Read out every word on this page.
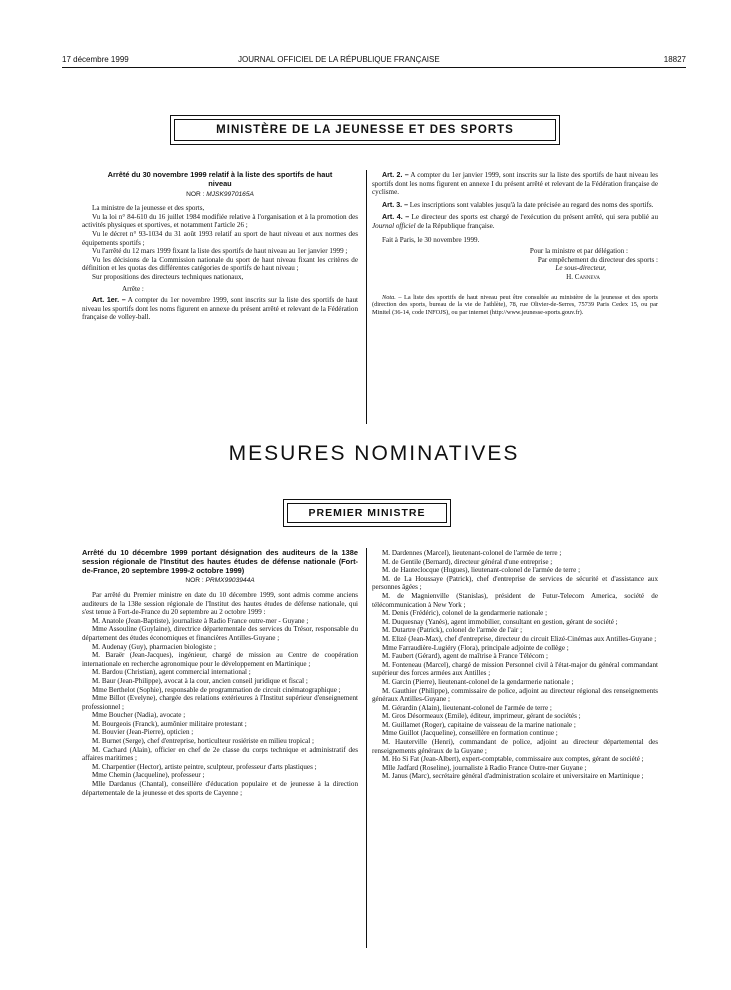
17 décembre 1999	JOURNAL OFFICIEL DE LA RÉPUBLIQUE FRANÇAISE	18827
MINISTÈRE DE LA JEUNESSE ET DES SPORTS

Arrêté du 30 novembre 1999 relatif à la liste des sportifs de haut niveau

NOR : MJSK9970165A

La ministre de la jeunesse et des sports,

Vu la loi n° 84-610 du 16 juillet 1984 modifiée relative à l'organisation et à la promotion des activités physiques et sportives, et notamment l'article 26 ;

Vu le décret n° 93-1034 du 31 août 1993 relatif au sport de haut niveau et aux normes des équipements sportifs ;

Vu l'arrêté du 12 mars 1999 fixant la liste des sportifs de haut niveau au 1er janvier 1999 ;

Vu les décisions de la Commission nationale du sport de haut niveau fixant les critères de définition et les quotas des différentes catégories de sportifs de haut niveau ;

Sur propositions des directeurs techniques nationaux,

Arrête :

Art. 1er. – A compter du 1er novembre 1999, sont inscrits sur la liste des sportifs de haut niveau les sportifs dont les noms figurent en annexe du présent arrêté et relevant de la Fédération française de volley-ball.

Art. 2. – A compter du 1er janvier 1999, sont inscrits sur la liste des sportifs de haut niveau les sportifs dont les noms figurent en annexe I du présent arrêté et relevant de la Fédération française de cyclisme.

Art. 3. – Les inscriptions sont valables jusqu'à la date précisée au regard des noms des sportifs.

Art. 4. – Le directeur des sports est chargé de l'exécution du présent arrêté, qui sera publié au Journal officiel de la République française.

Fait à Paris, le 30 novembre 1999.

Pour la ministre et par délégation :

Par empêchement du directeur des sports :

Le sous-directeur,

H. Canneva

Nota. – La liste des sportifs de haut niveau peut être consultée au ministère de la jeunesse et des sports (direction des sports, bureau de la vie de l'athlète), 78, rue Olivier-de-Serres, 75739 Paris Cedex 15, ou par Minitel (36-14, code INFOJS), ou par internet (http://www.jeunesse-sports.gouv.fr).

MESURES NOMINATIVES
PREMIER MINISTRE

Arrêté du 10 décembre 1999 portant désignation des auditeurs de la 138e session régionale de l'Institut des hautes études de défense nationale (Fort-de-France, 20 septembre 1999-2 octobre 1999)

NOR : PRMX9903944A

Par arrêté du Premier ministre en date du 10 décembre 1999, sont admis comme anciens auditeurs de la 138e session régionale de l'Institut des hautes études de défense nationale, qui s'est tenue à Fort-de-France du 20 septembre au 2 octobre 1999 :

M. Anatole (Jean-Baptiste), journaliste à Radio France outre-mer - Guyane ;

Mme Assouline (Guylaine), directrice départementale des services du Trésor, responsable du département des études économiques et financières Antilles-Guyane ;

M. Audenay (Guy), pharmacien biologiste ;

M. Baraër (Jean-Jacques), ingénieur, chargé de mission au Centre de coopération internationale en recherche agronomique pour le développement en Martinique ;

M. Bardou (Christian), agent commercial international ;

M. Baur (Jean-Philippe), avocat à la cour, ancien conseil juridique et fiscal ;

Mme Berthelot (Sophie), responsable de programmation de circuit cinématographique ;

Mme Billot (Evelyne), chargée des relations extérieures à l'Institut supérieur d'enseignement professionnel ;

Mme Boucher (Nadia), avocate ;

M. Bourgeois (Franck), aumônier militaire protestant ;

M. Bouvier (Jean-Pierre), opticien ;

M. Burnet (Serge), chef d'entreprise, horticulteur rosiériste en milieu tropical ;

M. Cachard (Alain), officier en chef de 2e classe du corps technique et administratif des affaires maritimes ;

M. Charpentier (Hector), artiste peintre, sculpteur, professeur d'arts plastiques ;

Mme Chemin (Jacqueline), professeur ;

Mlle Dardanus (Chantal), conseillère d'éducation populaire et de jeunesse à la direction départementale de la jeunesse et des sports de Cayenne ;

M. Dardennes (Marcel), lieutenant-colonel de l'armée de terre ;

M. de Gentile (Bernard), directeur général d'une entreprise ;

M. de Hauteclocque (Hugues), lieutenant-colonel de l'armée de terre ;

M. de La Houssaye (Patrick), chef d'entreprise de services de sécurité et d'assistance aux personnes âgées ;

M. de Magnienville (Stanislas), président de Futur-Telecom America, société de télécommunication à New York ;

M. Denis (Frédéric), colonel de la gendarmerie nationale ;

M. Duquesnay (Yanès), agent immobilier, consultant en gestion, gérant de société ;

M. Dutartre (Patrick), colonel de l'armée de l'air ;

M. Elizé (Jean-Max), chef d'entreprise, directeur du circuit Elizé-Cinémas aux Antilles-Guyane ;

Mme Farraudière-Lugiéry (Flora), principale adjointe de collège ;

M. Faubert (Gérard), agent de maîtrise à France Télécom ;

M. Fonteneau (Marcel), chargé de mission Personnel civil à l'état-major du général commandant supérieur des forces armées aux Antilles ;

M. Garcin (Pierre), lieutenant-colonel de la gendarmerie nationale ;

M. Gauthier (Philippe), commissaire de police, adjoint au directeur régional des renseignements généraux Antilles-Guyane ;

M. Gérardin (Alain), lieutenant-colonel de l'armée de terre ;

M. Gros Désormeaux (Emile), éditeur, imprimeur, gérant de sociétés ;

M. Guillamet (Roger), capitaine de vaisseau de la marine nationale ;

Mme Guillot (Jacqueline), conseillère en formation continue ;

M. Hauterville (Henri), commandant de police, adjoint au directeur départemental des renseignements généraux de la Guyane ;

M. Ho Si Fat (Jean-Albert), expert-comptable, commissaire aux comptes, gérant de société ;

Mlle Jadfard (Roseline), journaliste à Radio France Outre-mer Guyane ;

M. Janus (Marc), secrétaire général d'administration scolaire et universitaire en Martinique ;
